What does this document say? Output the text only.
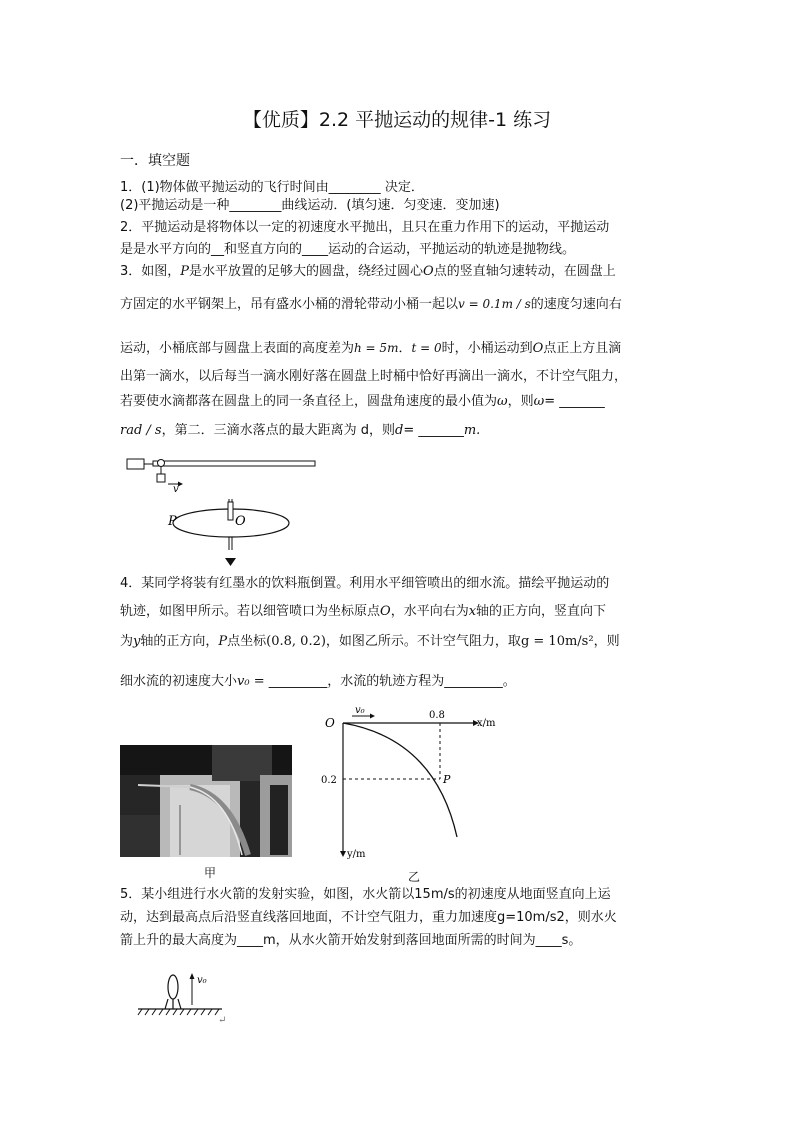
【优质】2.2 平抛运动的规律-1 练习
一．填空题
1．(1)物体做平抛运动的飞行时间由________ 决定．
(2)平抛运动是一种________曲线运动．(填匀速．匀变速．变加速)
2．平抛运动是将物体以一定的初速度水平抛出，且只在重力作用下的运动，平抛运动
是是水平方向的__和竖直方向的____运动的合运动，平抛运动的轨迹是抛物线。
3．如图，P是水平放置的足够大的圆盘，绕经过圆心O点的竖直轴匀速转动，在圆盘上
方固定的水平钢架上，吊有盛水小桶的滑轮带动小桶一起以v = 0.1m / s的速度匀速向右
运动，小桶底部与圆盘上表面的高度差为h = 5m．t = 0时，小桶运动到O点正上方且滴
出第一滴水，以后每当一滴水刚好落在圆盘上时桶中恰好再滴出一滴水，不计空气阻力，
若要使水滴都落在圆盘上的同一条直径上，圆盘角速度的最小值为ω，则ω= _______
rad / s，第二．三滴水落点的最大距离为 d，则d= _______m.
v
P	O
4．某同学将装有红墨水的饮料瓶倒置。利用水平细管喷出的细水流。描绘平抛运动的
轨迹，如图甲所示。若以细管喷口为坐标原点O，水平向右为x轴的正方向，竖直向下
为y轴的正方向，P点坐标(0.8, 0.2)，如图乙所示。不计空气阻力，取g = 10m/s²，则
细水流的初速度大小v₀ = _________，水流的轨迹方程为_________。
甲
O
v₀	0.8
x/m
0.2	P
y/m
乙
5．某小组进行水火箭的发射实验，如图，水火箭以15m/s的初速度从地面竖直向上运
动，达到最高点后沿竖直线落回地面，不计空气阻力，重力加速度g=10m/s2，则水火
箭上升的最大高度为____m，从水火箭开始发射到落回地面所需的时间为____s。
v₀
↵
